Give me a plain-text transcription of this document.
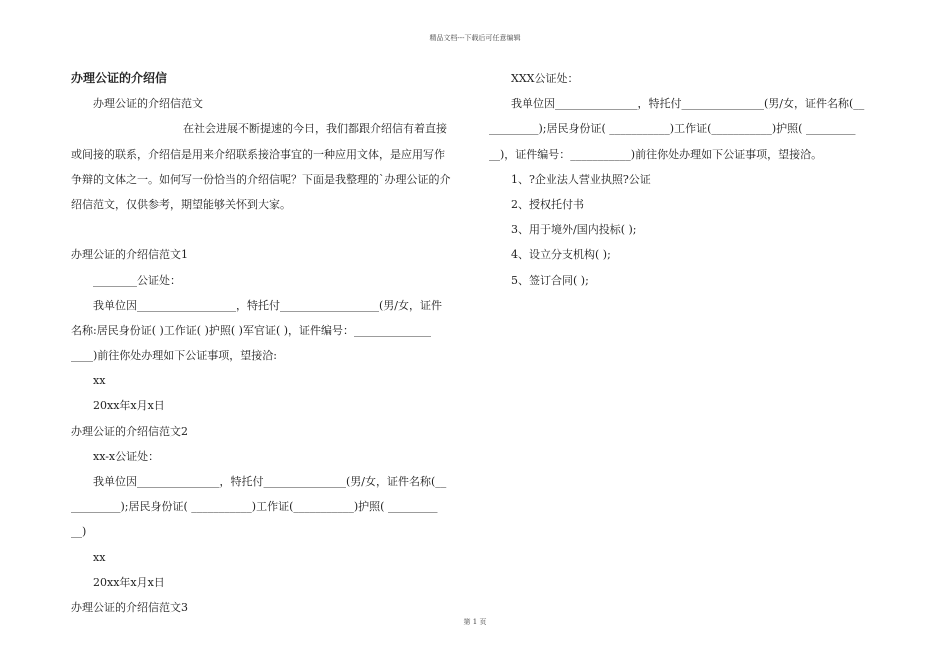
精品文档---下载后可任意编辑
办理公证的介绍信
办理公证的介绍信范文
在社会进展不断提速的今日，我们都跟介绍信有着直接
或间接的联系，介绍信是用来介绍联系接洽事宜的一种应用文体，是应用写作
争辩的文体之一。如何写一份恰当的介绍信呢？下面是我整理的`办理公证的介
绍信范文，仅供参考，期望能够关怀到大家。
办理公证的介绍信范文1
________公证处：
我单位因__________________，特托付__________________(男/女，证件
名称:居民身份证( )工作证( )护照( )军官证( )，证件编号：______________
____)前往你处办理如下公证事项，望接洽:
xx
20xx年x月x日
办理公证的介绍信范文2
xx-x公证处：
我单位因_______________，特托付_______________(男/女，证件名称(__
_________);居民身份证( ___________)工作证(___________)护照( _________
__)
xx
20xx年x月x日
办理公证的介绍信范文3
XXX公证处：
我单位因_______________，特托付_______________(男/女，证件名称(__
_________);居民身份证( ___________)工作证(___________)护照( _________
__)，证件编号：___________)前往你处办理如下公证事项，望接洽。
1、?企业法人营业执照?公证
2、授权托付书
3、用于境外/国内投标( );
4、设立分支机构( );
5、签订合同( );
第 1 页
